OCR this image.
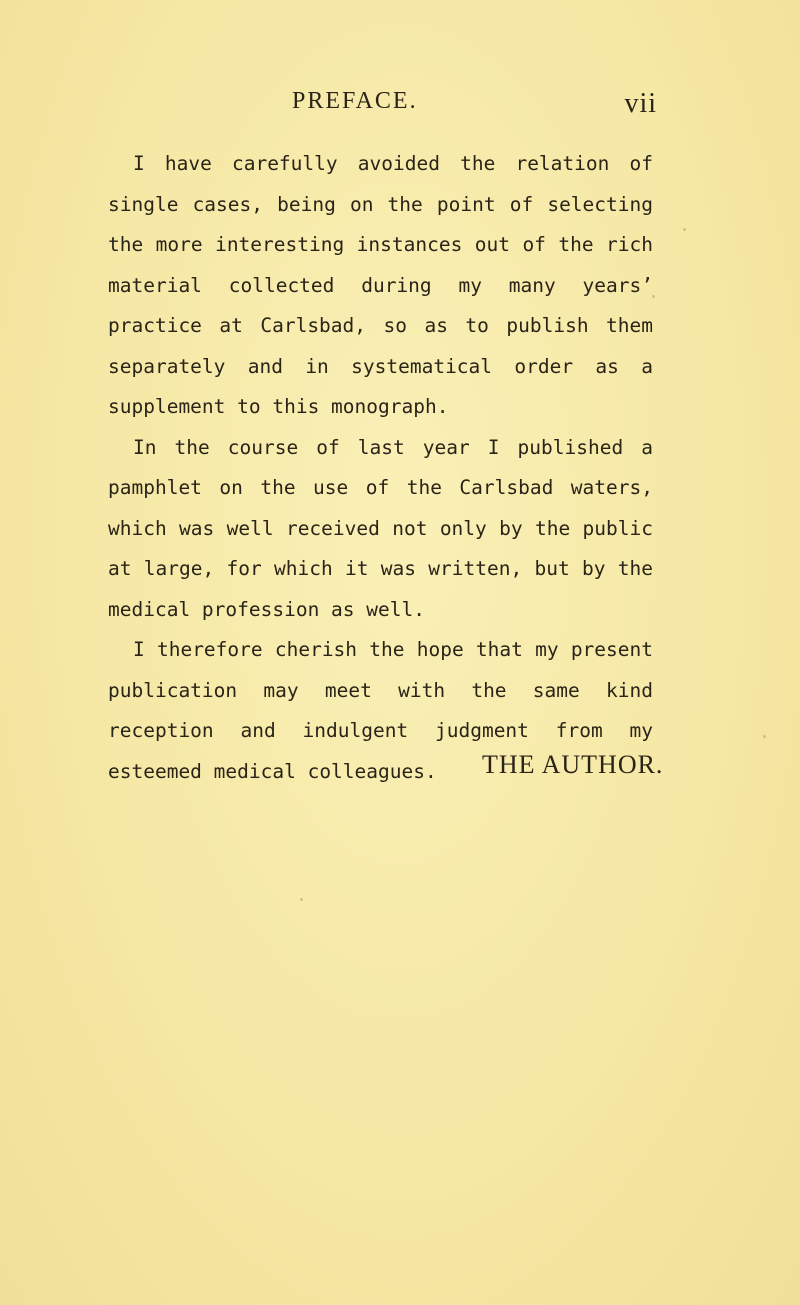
PREFACE.	vii

I have carefully avoided the relation of single cases, being on the point of selecting the more interesting instances out of the rich material collected during my many years’ practice at Carlsbad, so as to publish them separately and in systematical order as a supplement to this monograph.

In the course of last year I published a pamphlet on the use of the Carlsbad waters, which was well received not only by the public at large, for which it was written, but by the medical profession as well.

I therefore cherish the hope that my present publication may meet with the same kind reception and indulgent judgment from my esteemed medical colleagues.	THE AUTHOR.
